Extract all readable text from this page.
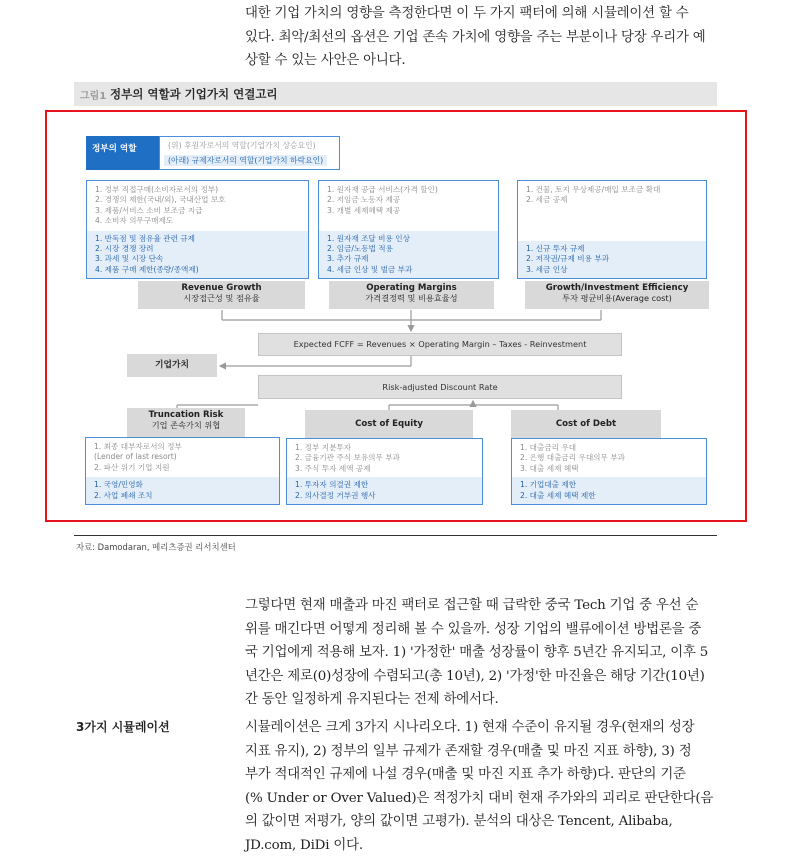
대한 기업 가치의 영향을 측정한다면 이 두 가지 팩터에 의해 시뮬레이션 할 수

있다. 최악/최선의 옵션은 기업 존속 가치에 영향을 주는 부분이나 당장 우리가 예

상할 수 있는 사안은 아니다.

그림1 정부의 역할과 기업가치 연결고리
정부의 역할	(위) 후원자로서의 역할(기업가치 상승요인)
(아래) 규제자로서의 역할(기업가치 하락요인)
1. 정부 직접구매(소비자로서의 정부)
2. 경쟁의 제한(국내/외), 국내산업 보호
3. 제품/서비스 소비 보조금 지급
4. 소비자 의무구매제도
1. 반독점 및 점유율 관련 규제
2. 시장 경쟁 장려
3. 과세 및 시장 단속
4. 제품 구매 제한(종량/종액제)
Revenue Growth
시장접근성 및 점유율
1. 원자재 공급 서비스(가격 할인)
2. 저임금 노동자 제공
3. 개별 세제혜택 제공
1. 원자재 조달 비용 인상
2. 임금/노동법 적용
3. 추가 규제
4. 세금 인상 및 벌금 부과
Operating Margins
가격결정력 및 비용효율성
1. 건물, 토지 무상제공/매입 보조금 확대
2. 세금 공제
1. 신규 투자 규제
2. 저작권/규제 비용 부과
3. 세금 인상
Growth/Investment Efficiency
투자 평균비용(Average cost)
Expected FCFF = Revenues × Operating Margin – Taxes - Reinvestment
기업가치
Risk-adjusted Discount Rate
Truncation Risk
기업 존속가치 위협
1. 최종 대부자로서의 정부
(Lender of last resort)
2. 파산 위기 기업 지원
1. 국영/민영화
2. 사업 폐쇄 조치
Cost of Equity
1. 정부 지분투자
2. 금융기관 주식 보유의무 부과
3. 주식 투자 세액 공제
1. 투자자 의결권 제한
2. 의사결정 거부권 행사
Cost of Debt
1. 대출금리 우대
2. 은행 대출금리 우대의무 부과
3. 대출 세제 혜택
1. 기업대출 제한
2. 대출 세제 혜택 제한
자료: Damodaran, 메리츠증권 리서치센터

그렇다면 현재 매출과 마진 팩터로 접근할 때 급락한 중국 Tech 기업 중 우선 순

위를 매긴다면 어떻게 정리해 볼 수 있을까. 성장 기업의 밸류에이션 방법론을 중

국 기업에게 적용해 보자. 1) '가정한' 매출 성장률이 향후 5년간 유지되고, 이후 5

년간은 제로(0)성장에 수렴되고(총 10년), 2) '가정'한 마진율은 해당 기간(10년)

간 동안 일정하게 유지된다는 전제 하에서다.

3가지 시뮬레이션	시뮬레이션은 크게 3가지 시나리오다. 1) 현재 수준이 유지될 경우(현재의 성장

지표 유지), 2) 정부의 일부 규제가 존재할 경우(매출 및 마진 지표 하향), 3) 정

부가 적대적인 규제에 나설 경우(매출 및 마진 지표 추가 하향)다. 판단의 기준

(% Under or Over Valued)은 적정가치 대비 현재 주가와의 괴리로 판단한다(음

의 값이면 저평가, 양의 값이면 고평가). 분석의 대상은 Tencent, Alibaba,

JD.com, DiDi 이다.
